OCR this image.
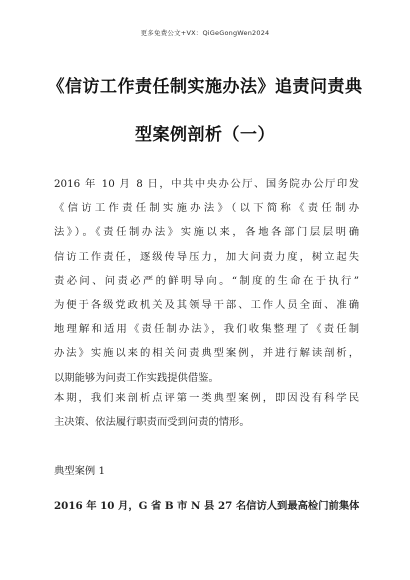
更多免费公文+VX：QiGeGongWen2024
《信访工作责任制实施办法》追责问责典
型案例剖析（一）
2016 年 10 月 8 日，中共中央办公厅、国务院办公厅印发
《信访工作责任制实施办法》（以下简称《责任制办
法》）。《责任制办法》实施以来，各地各部门层层明确
信访工作责任，逐级传导压力，加大问责力度，树立起失
责必问、问责必严的鲜明导向。“制度的生命在于执行”
为便于各级党政机关及其领导干部、工作人员全面、准确
地理解和适用《责任制办法》，我们收集整理了《责任制
办法》实施以来的相关问责典型案例，并进行解读剖析，
以期能够为问责工作实践提供借鉴。
本期，我们来剖析点评第一类典型案例，即因没有科学民
主决策、依法履行职责而受到问责的情形。
典型案例 1
2016 年 10 月，G 省 B 市 N 县 27 名信访人到最高检门前集体
